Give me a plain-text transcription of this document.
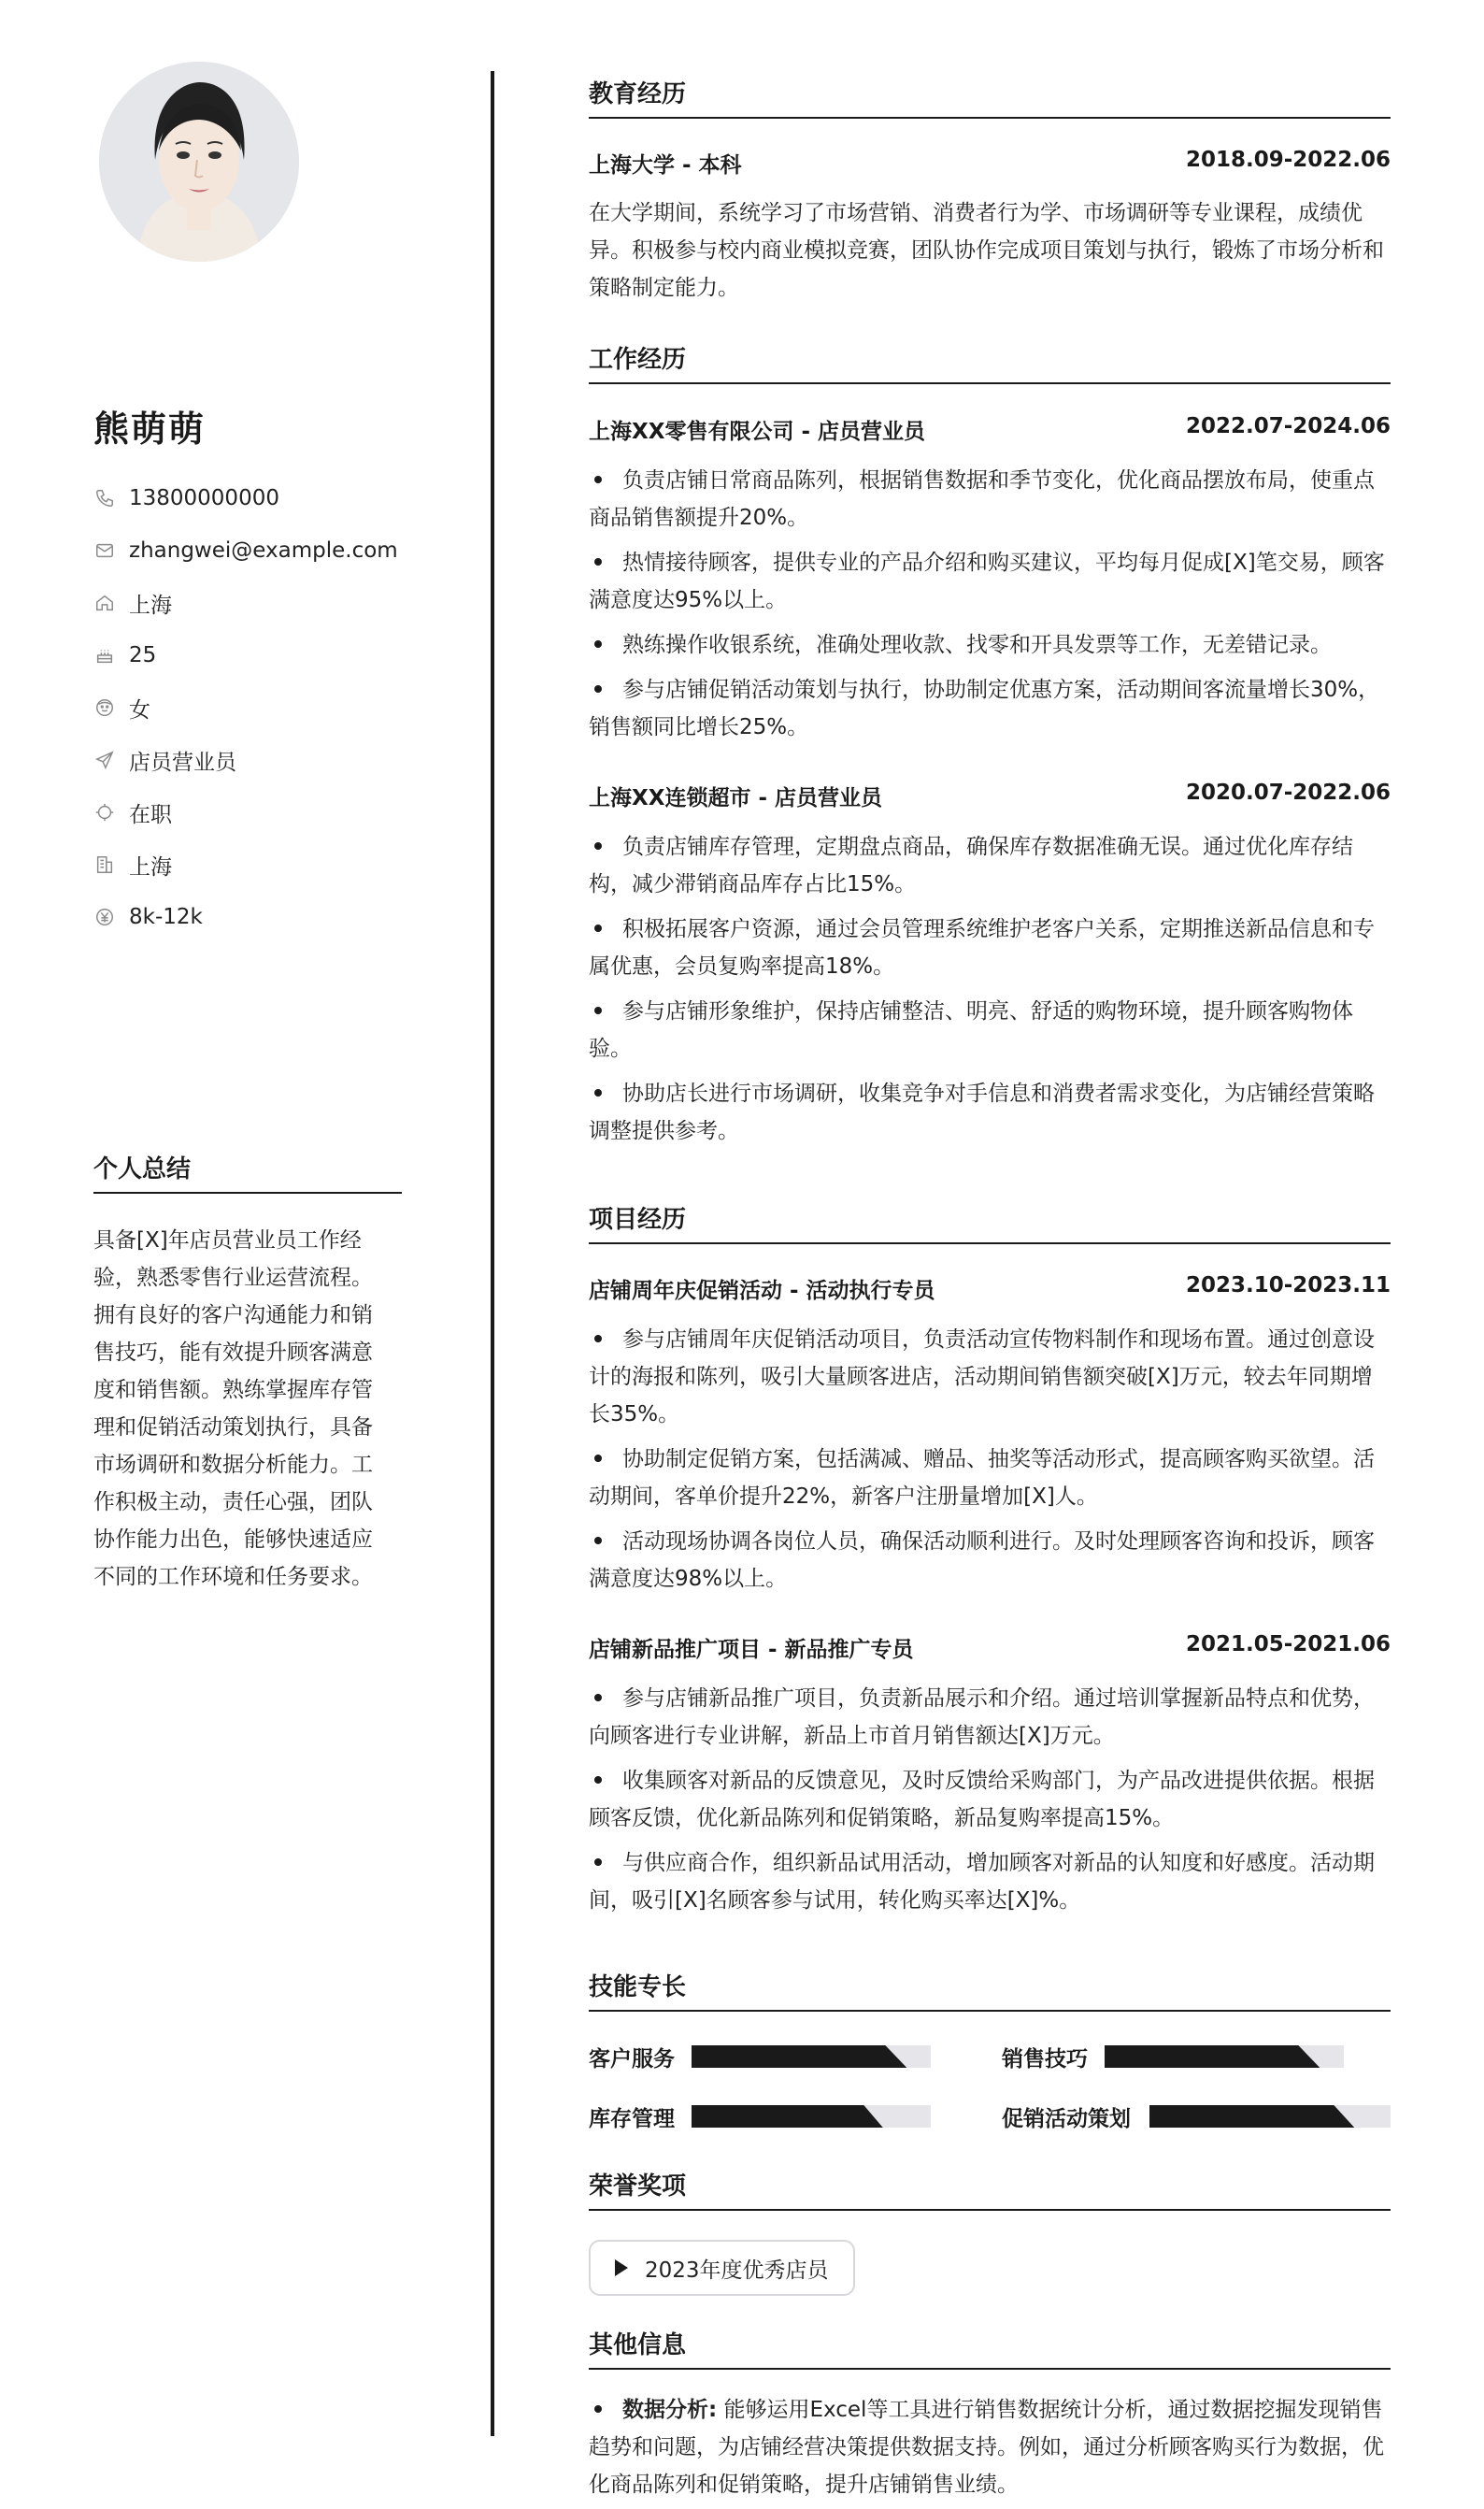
熊萌萌
13800000000
zhangwei@example.com
上海
25
女
店员营业员
在职
上海
8k-12k
个人总结

具备[X]年店员营业员工作经验，熟悉零售行业运营流程。拥有良好的客户沟通能力和销售技巧，能有效提升顾客满意度和销售额。熟练掌握库存管理和促销活动策划执行，具备市场调研和数据分析能力。工作积极主动，责任心强，团队协作能力出色，能够快速适应不同的工作环境和任务要求。

教育经历
上海大学 - 本科	2018.09-2022.06

在大学期间，系统学习了市场营销、消费者行为学、市场调研等专业课程，成绩优异。积极参与校内商业模拟竞赛，团队协作完成项目策划与执行，锻炼了市场分析和策略制定能力。

工作经历
上海XX零售有限公司 - 店员营业员	2022.07-2024.06
负责店铺日常商品陈列，根据销售数据和季节变化，优化商品摆放布局，使重点商品销售额提升20%。
热情接待顾客，提供专业的产品介绍和购买建议，平均每月促成[X]笔交易，顾客满意度达95%以上。
熟练操作收银系统，准确处理收款、找零和开具发票等工作，无差错记录。
参与店铺促销活动策划与执行，协助制定优惠方案，活动期间客流量增长30%，销售额同比增长25%。
上海XX连锁超市 - 店员营业员	2020.07-2022.06
负责店铺库存管理，定期盘点商品，确保库存数据准确无误。通过优化库存结构，减少滞销商品库存占比15%。
积极拓展客户资源，通过会员管理系统维护老客户关系，定期推送新品信息和专属优惠，会员复购率提高18%。
参与店铺形象维护，保持店铺整洁、明亮、舒适的购物环境，提升顾客购物体验。
协助店长进行市场调研，收集竞争对手信息和消费者需求变化，为店铺经营策略调整提供参考。
项目经历
店铺周年庆促销活动 - 活动执行专员	2023.10-2023.11
参与店铺周年庆促销活动项目，负责活动宣传物料制作和现场布置。通过创意设计的海报和陈列，吸引大量顾客进店，活动期间销售额突破[X]万元，较去年同期增长35%。
协助制定促销方案，包括满减、赠品、抽奖等活动形式，提高顾客购买欲望。活动期间，客单价提升22%，新客户注册量增加[X]人。
活动现场协调各岗位人员，确保活动顺利进行。及时处理顾客咨询和投诉，顾客满意度达98%以上。
店铺新品推广项目 - 新品推广专员	2021.05-2021.06
参与店铺新品推广项目，负责新品展示和介绍。通过培训掌握新品特点和优势，向顾客进行专业讲解，新品上市首月销售额达[X]万元。
收集顾客对新品的反馈意见，及时反馈给采购部门，为产品改进提供依据。根据顾客反馈，优化新品陈列和促销策略，新品复购率提高15%。
与供应商合作，组织新品试用活动，增加顾客对新品的认知度和好感度。活动期间，吸引[X]名顾客参与试用，转化购买率达[X]%。
技能专长
客户服务	销售技巧
库存管理	促销活动策划
荣誉奖项
2023年度优秀店员
其他信息
数据分析: 能够运用Excel等工具进行销售数据统计分析，通过数据挖掘发现销售趋势和问题，为店铺经营决策提供数据支持。例如，通过分析顾客购买行为数据，优化商品陈列和促销策略，提升店铺销售业绩。
